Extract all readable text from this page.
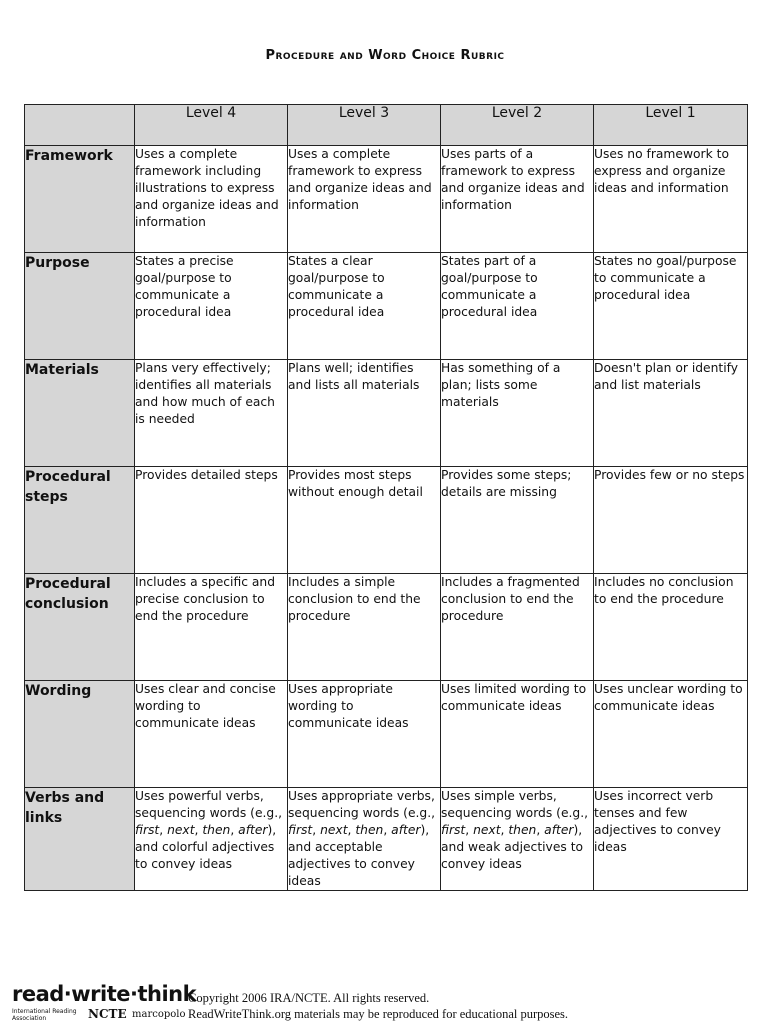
Procedure and Word Choice Rubric
	Level 4	Level 3	Level 2	Level 1
Framework	Uses a complete framework including illustrations to express and organize ideas and information	Uses a complete framework to express and organize ideas and information	Uses parts of a framework to express and organize ideas and information	Uses no framework to express and organize ideas and information
Purpose	States a precise goal/purpose to communicate a procedural idea	States a clear goal/purpose to communicate a procedural idea	States part of a goal/purpose to communicate a procedural idea	States no goal/purpose to communicate a procedural idea
Materials	Plans very effectively; identifies all materials and how much of each is needed	Plans well; identifies and lists all materials	Has something of a plan; lists some materials	Doesn't plan or identify and list materials
Procedural steps	Provides detailed steps	Provides most steps without enough detail	Provides some steps; details are missing	Provides few or no steps
Procedural conclusion	Includes a specific and precise conclusion to end the procedure	Includes a simple conclusion to end the procedure	Includes a fragmented conclusion to end the procedure	Includes no conclusion to end the procedure
Wording	Uses clear and concise wording to communicate ideas	Uses appropriate wording to communicate ideas	Uses limited wording to communicate ideas	Uses unclear wording to communicate ideas
Verbs and links	Uses powerful verbs, sequencing words (e.g., first, next, then, after), and colorful adjectives to convey ideas	Uses appropriate verbs, sequencing words (e.g., first, next, then, after), and acceptable adjectives to convey ideas	Uses simple verbs, sequencing words (e.g., first, next, then, after), and weak adjectives to convey ideas	Uses incorrect verb tenses and few adjectives to convey ideas
read·write·think
International Reading Association	NCTE marcopolo
Copyright 2006 IRA/NCTE. All rights reserved.
ReadWriteThink.org materials may be reproduced for educational purposes.
